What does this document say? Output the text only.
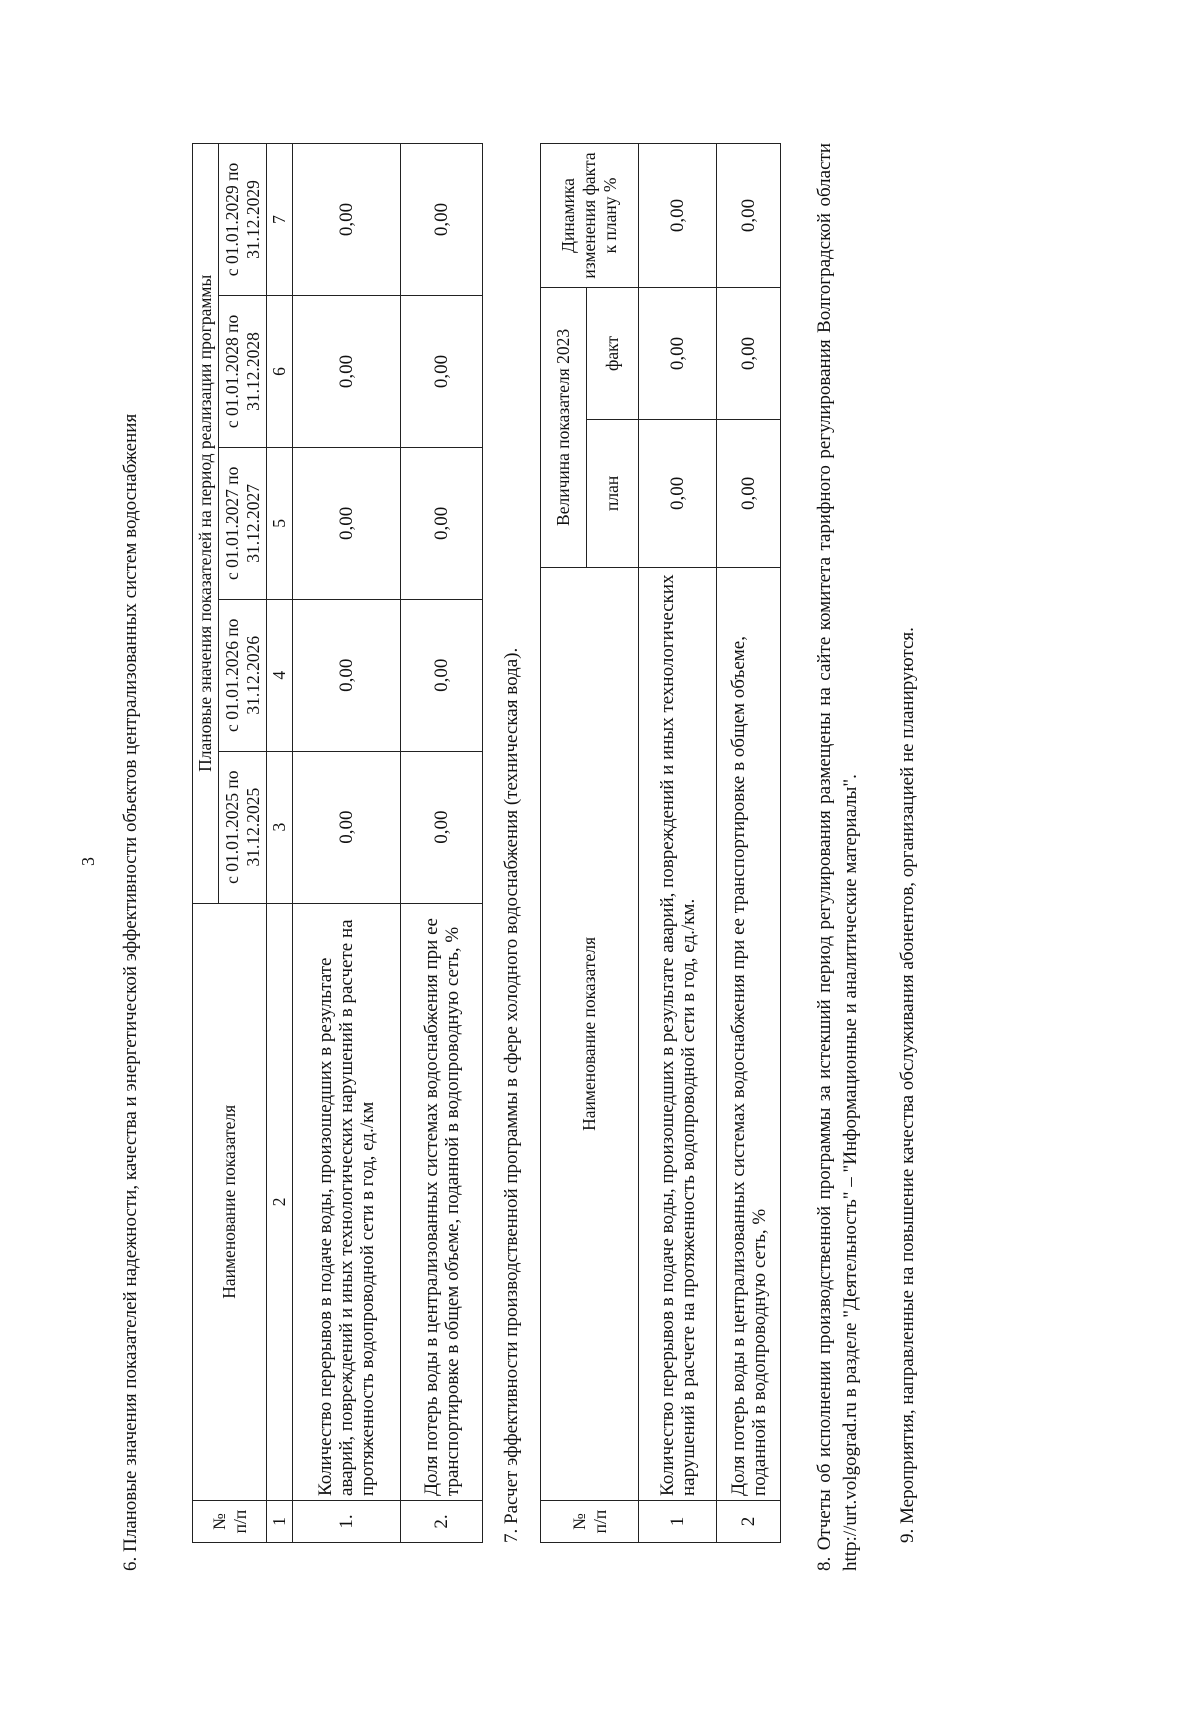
3 6. Плановые значения показателей надежности, качества и энергетической эффективности объектов централизованных систем водоснабжения	№ п/п	Наименование показателя	Плановые значения показателей на период реализации программы				
		с 01.01.2025 по 31.12.2025	с 01.01.2026 по 31.12.2026	с 01.01.2027 по 31.12.2027	с 01.01.2028 по 31.12.2028	с 01.01.2029 по 31.12.2029
1	2	3	4	5	6	7
1.	Количество перерывов в подаче воды, произошедших в результате аварий, повреждений и иных технологических нарушений в расчете на протяженность водопроводной сети в год, ед./км	0,00	0,00	0,00	0,00	0,00
2.	Доля потерь воды в централизованных системах водоснабжения при ее транспортировке в общем объеме, поданной в водопроводную сеть, %	0,00	0,00	0,00	0,00	0,00
7. Расчет эффективности производственной программы в сфере холодного водоснабжения (техническая вода).	№ п/п	Наименование показателя	Величина показателя 2023		Динамика изменения факта к плану %
		план	факт	
1	Количество перерывов в подаче воды, произошедших в результате аварий, повреждений и иных технологических нарушений в расчете на протяженность водопроводной сети в год, ед./км.	0,00	0,00	0,00
2	Доля потерь воды в централизованных системах водоснабжения при ее транспортировке в общем объеме, поданной в водопроводную сеть, %	0,00	0,00	0,00	8. Отчеты об исполнении производственной программы за истекший период регулирования размещены на сайте комитета тарифного регулирования Волгоградской области http://urt.volgograd.ru в разделе "Деятельность" – "Информационные и аналитические материалы". 9. Мероприятия, направленные на повышение качества обслуживания абонентов, организацией не планируются.
